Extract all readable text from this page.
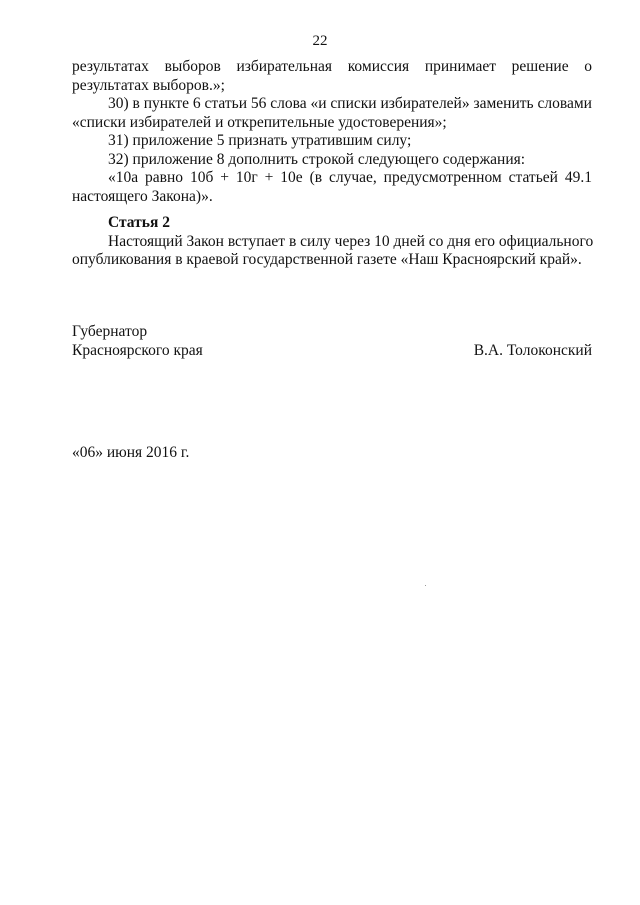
22
результатах выборов избирательная комиссия принимает решение о
результатах выборов.»;
30) в пункте 6 статьи 56 слова «и списки избирателей» заменить словами
«списки избирателей и открепительные удостоверения»;
31) приложение 5 признать утратившим силу;
32) приложение 8 дополнить строкой следующего содержания:
«10а равно 10б + 10г + 10е (в случае, предусмотренном статьей 49.1
настоящего Закона)».
Статья 2
Настоящий Закон вступает в силу через 10 дней со дня его официального
опубликования в краевой государственной газете «Наш Красноярский край».
Губернатор
Красноярского края	В.А. Толоконский
«06» июня 2016 г.
